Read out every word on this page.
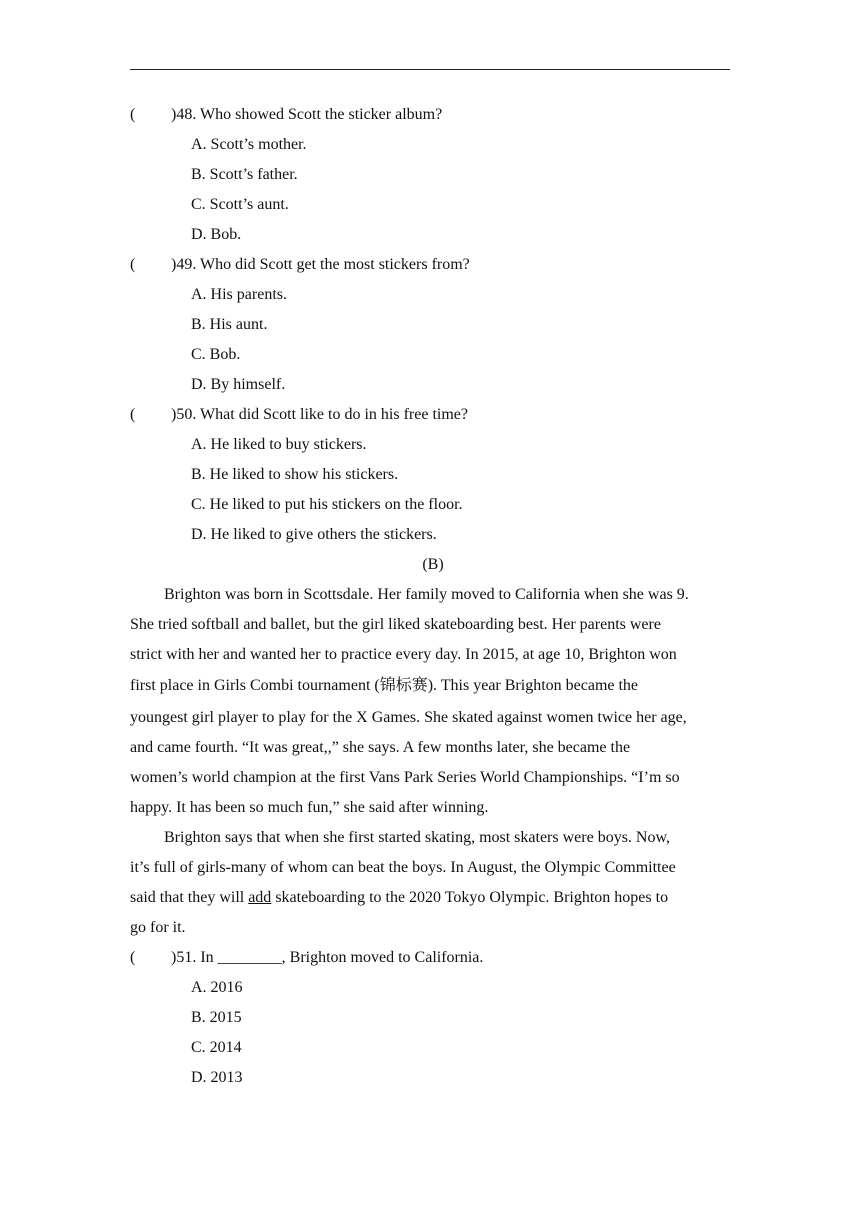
( )48. Who showed Scott the sticker album?
A. Scott’s mother.
B. Scott’s father.
C. Scott’s aunt.
D. Bob.
( )49. Who did Scott get the most stickers from?
A. His parents.
B. His aunt.
C. Bob.
D. By himself.
( )50. What did Scott like to do in his free time?
A. He liked to buy stickers.
B. He liked to show his stickers.
C. He liked to put his stickers on the floor.
D. He liked to give others the stickers.
(B)
Brighton was born in Scottsdale. Her family moved to California when she was 9.
She tried softball and ballet, but the girl liked skateboarding best. Her parents were
strict with her and wanted her to practice every day. In 2015, at age 10, Brighton won
first place in Girls Combi tournament (锦标赛). This year Brighton became the
youngest girl player to play for the X Games. She skated against women twice her age,
and came fourth. “It was great,,” she says. A few months later, she became the
women’s world champion at the first Vans Park Series World Championships. “I’m so
happy. It has been so much fun,” she said after winning.
Brighton says that when she first started skating, most skaters were boys. Now,
it’s full of girls-many of whom can beat the boys. In August, the Olympic Committee
said that they will add skateboarding to the 2020 Tokyo Olympic. Brighton hopes to
go for it.
( )51. In ________, Brighton moved to California.
A. 2016
B. 2015
C. 2014
D. 2013
